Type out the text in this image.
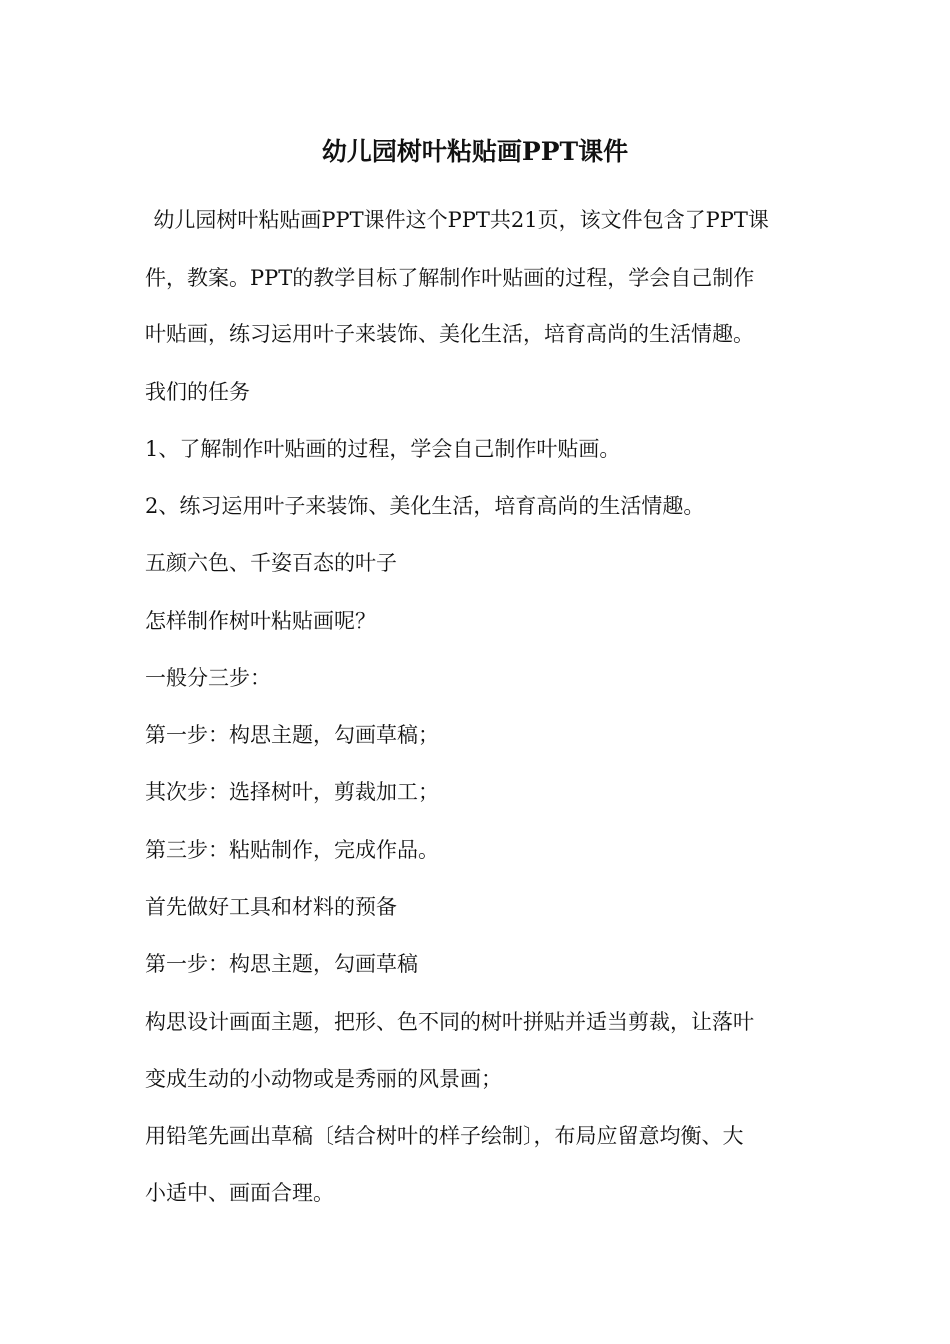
幼儿园树叶粘贴画PPT课件

幼儿园树叶粘贴画PPT课件这个PPT共21页，该文件包含了PPT课

件，教案。PPT的教学目标了解制作叶贴画的过程，学会自己制作

叶贴画，练习运用叶子来装饰、美化生活，培育高尚的生活情趣。

我们的任务

1、了解制作叶贴画的过程，学会自己制作叶贴画。

2、练习运用叶子来装饰、美化生活，培育高尚的生活情趣。

五颜六色、千姿百态的叶子

怎样制作树叶粘贴画呢？

一般分三步：

第一步：构思主题，勾画草稿；

其次步：选择树叶，剪裁加工；

第三步：粘贴制作，完成作品。

首先做好工具和材料的预备

第一步：构思主题，勾画草稿

构思设计画面主题，把形、色不同的树叶拼贴并适当剪裁，让落叶

变成生动的小动物或是秀丽的风景画；

用铅笔先画出草稿〔结合树叶的样子绘制〕，布局应留意均衡、大

小适中、画面合理。
